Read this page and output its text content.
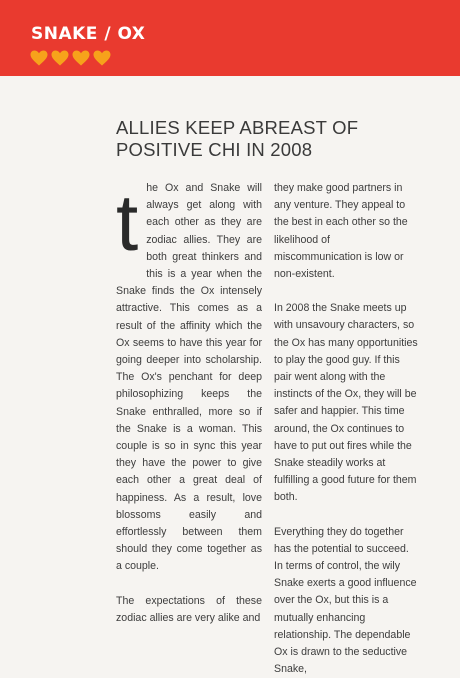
SNAKE / OX
ALLIES KEEP ABREAST OF
POSITIVE CHI IN 2008

the Ox and Snake will always get along with each other as they are zodiac allies. They are both great thinkers and this is a year when the Snake finds the Ox intensely attractive. This comes as a result of the affinity which the Ox seems to have this year for going deeper into scholarship. The Ox's penchant for deep philosophizing keeps the Snake enthralled, more so if the Snake is a woman. This couple is so in sync this year they have the power to give each other a great deal of happiness. As a result, love blossoms easily and effortlessly between them should they come together as a couple.

The expectations of these zodiac allies are very alike and

they make good partners in any venture. They appeal to the best in each other so the likelihood of miscommunication is low or non-existent.

In 2008 the Snake meets up with unsavoury characters, so the Ox has many opportunities to play the good guy. If this pair went along with the instincts of the Ox, they will be safer and happier. This time around, the Ox continues to have to put out fires while the Snake steadily works at fulfilling a good future for them both.

Everything they do together has the potential to succeed. In terms of control, the wily Snake exerts a good influence over the Ox, but this is a mutually enhancing relationship. The dependable Ox is drawn to the seductive Snake,
